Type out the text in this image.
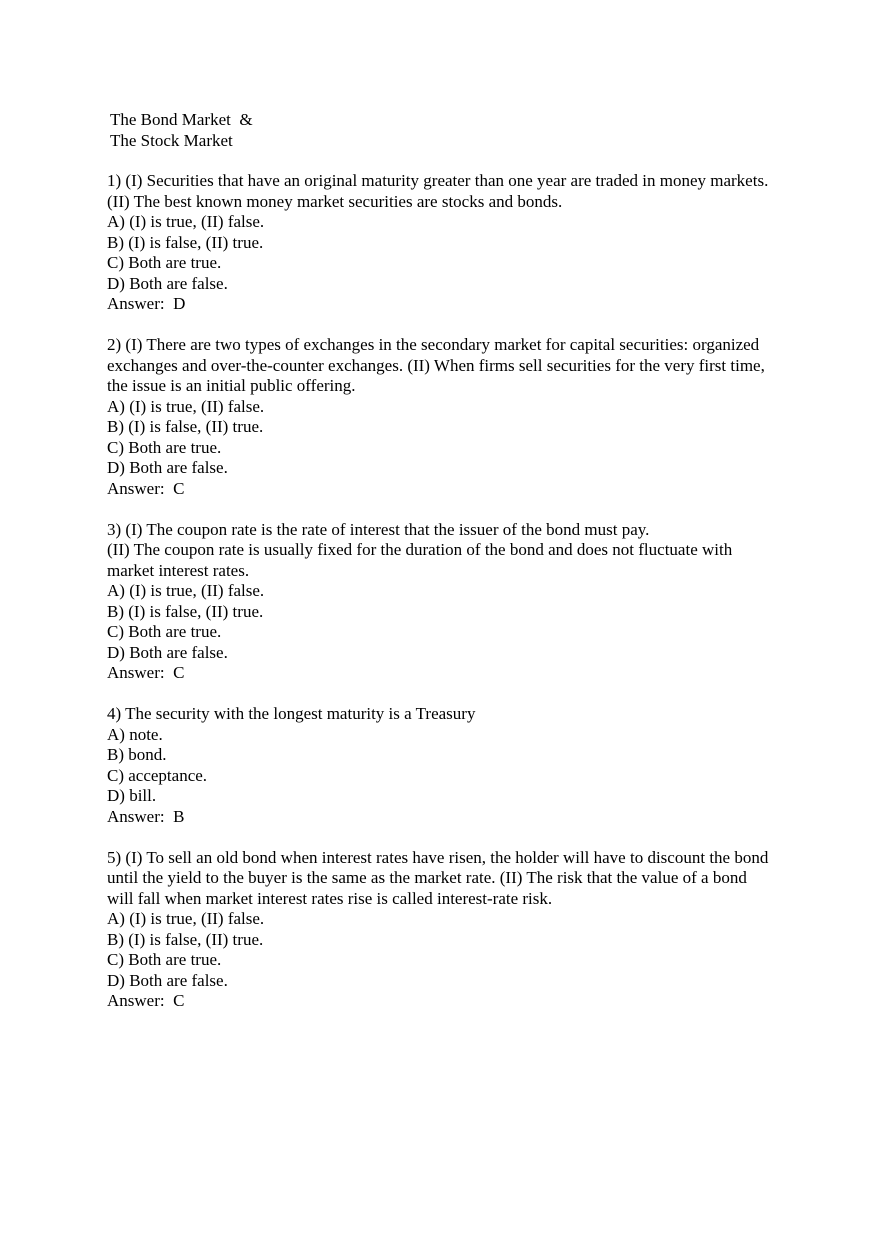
The Bond Market  &
The Stock Market
1) (I) Securities that have an original maturity greater than one year are traded in money markets.
(II) The best known money market securities are stocks and bonds.
A) (I) is true, (II) false.
B) (I) is false, (II) true.
C) Both are true.
D) Both are false.
Answer:  D
2) (I) There are two types of exchanges in the secondary market for capital securities: organized exchanges and over-the-counter exchanges. (II) When firms sell securities for the very first time, the issue is an initial public offering.
A) (I) is true, (II) false.
B) (I) is false, (II) true.
C) Both are true.
D) Both are false.
Answer:  C
3) (I) The coupon rate is the rate of interest that the issuer of the bond must pay.
(II) The coupon rate is usually fixed for the duration of the bond and does not fluctuate with market interest rates.
A) (I) is true, (II) false.
B) (I) is false, (II) true.
C) Both are true.
D) Both are false.
Answer:  C
4) The security with the longest maturity is a Treasury
A) note.
B) bond.
C) acceptance.
D) bill.
Answer:  B
5) (I) To sell an old bond when interest rates have risen, the holder will have to discount the bond until the yield to the buyer is the same as the market rate. (II) The risk that the value of a bond will fall when market interest rates rise is called interest-rate risk.
A) (I) is true, (II) false.
B) (I) is false, (II) true.
C) Both are true.
D) Both are false.
Answer:  C
